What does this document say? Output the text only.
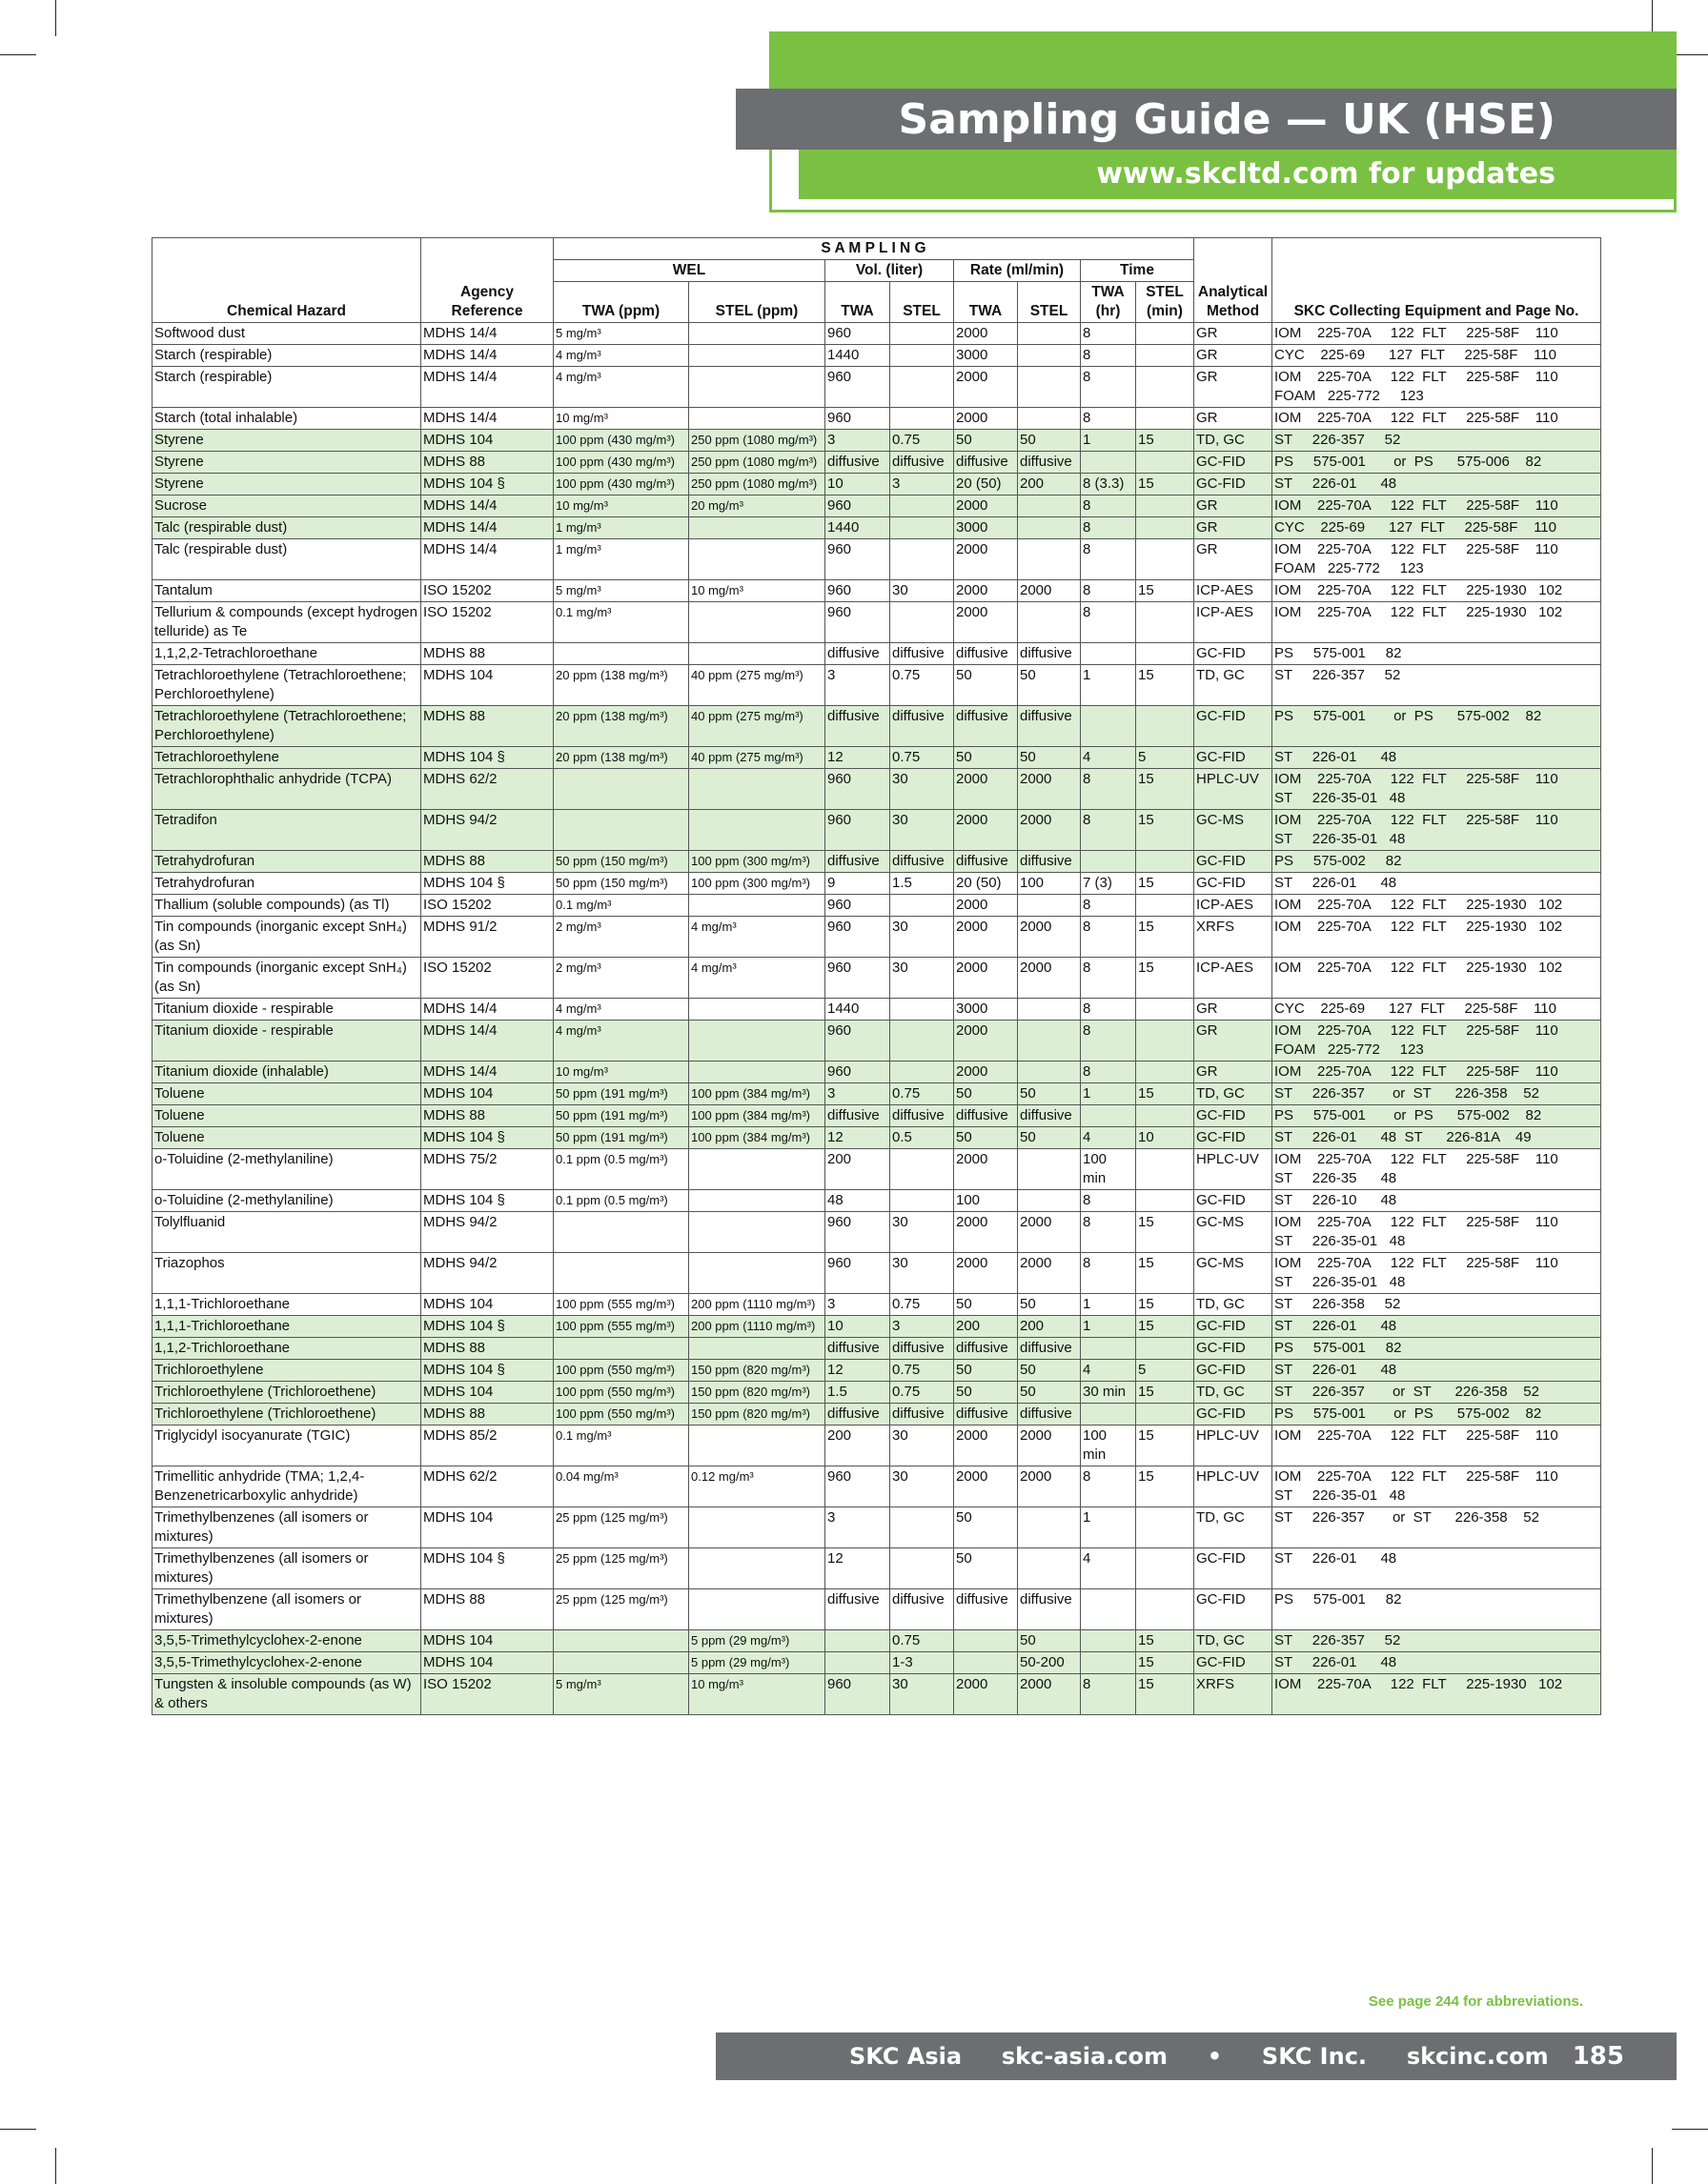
Sampling Guide — UK (HSE)
www.skcltd.com for updates
Chemical Hazard	Agency Reference	S A M P L I N G								Analytical Method	SKC Collecting Equipment and Page No.
		WEL		Vol. (liter)		Rate (ml/min)		Time			
		TWA (ppm)	STEL (ppm)	TWA	STEL	TWA	STEL	TWA (hr)	STEL (min)		
Softwood dust	MDHS 14/4	5 mg/m³		960		2000		8		GR	IOM    225-70A     122  FLT     225-58F    110
Starch (respirable)	MDHS 14/4	4 mg/m³		1440		3000		8		GR	CYC    225-69      127  FLT     225-58F    110
Starch (respirable)	MDHS 14/4	4 mg/m³		960		2000		8		GR	IOM    225-70A     122  FLT     225-58F    110
FOAM   225-772     123
Starch (total inhalable)	MDHS 14/4	10 mg/m³		960		2000		8		GR	IOM    225-70A     122  FLT     225-58F    110
Styrene	MDHS 104	100 ppm (430 mg/m³)	250 ppm (1080 mg/m³)	3	0.75	50	50	1	15	TD, GC	ST     226-357     52
Styrene	MDHS 88	100 ppm (430 mg/m³)	250 ppm (1080 mg/m³)	diffusive	diffusive	diffusive	diffusive			GC-FID	PS     575-001       or  PS      575-006    82
Styrene	MDHS 104 §	100 ppm (430 mg/m³)	250 ppm (1080 mg/m³)	10	3	20 (50)	200	8 (3.3)	15	GC-FID	ST     226-01      48
Sucrose	MDHS 14/4	10 mg/m³	20 mg/m³	960		2000		8		GR	IOM    225-70A     122  FLT     225-58F    110
Talc (respirable dust)	MDHS 14/4	1 mg/m³		1440		3000		8		GR	CYC    225-69      127  FLT     225-58F    110
Talc (respirable dust)	MDHS 14/4	1 mg/m³		960		2000		8		GR	IOM    225-70A     122  FLT     225-58F    110
FOAM   225-772     123
Tantalum	ISO 15202	5 mg/m³	10 mg/m³	960	30	2000	2000	8	15	ICP-AES	IOM    225-70A     122  FLT     225-1930   102
Tellurium & compounds (except hydrogen telluride) as Te	ISO 15202	0.1 mg/m³		960		2000		8		ICP-AES	IOM    225-70A     122  FLT     225-1930   102
1,1,2,2-Tetrachloroethane	MDHS 88			diffusive	diffusive	diffusive	diffusive			GC-FID	PS     575-001     82
Tetrachloroethylene (Tetrachloroethene; Perchloroethylene)	MDHS 104	20 ppm (138 mg/m³)	40 ppm (275 mg/m³)	3	0.75	50	50	1	15	TD, GC	ST     226-357     52
Tetrachloroethylene (Tetrachloroethene; Perchloroethylene)	MDHS 88	20 ppm (138 mg/m³)	40 ppm (275 mg/m³)	diffusive	diffusive	diffusive	diffusive			GC-FID	PS     575-001       or  PS      575-002    82
Tetrachloroethylene	MDHS 104 §	20 ppm (138 mg/m³)	40 ppm (275 mg/m³)	12	0.75	50	50	4	5	GC-FID	ST     226-01      48
Tetrachlorophthalic anhydride (TCPA)	MDHS 62/2			960	30	2000	2000	8	15	HPLC-UV	IOM    225-70A     122  FLT     225-58F    110
ST     226-35-01   48
Tetradifon	MDHS 94/2			960	30	2000	2000	8	15	GC-MS	IOM    225-70A     122  FLT     225-58F    110
ST     226-35-01   48
Tetrahydrofuran	MDHS 88	50 ppm (150 mg/m³)	100 ppm (300 mg/m³)	diffusive	diffusive	diffusive	diffusive			GC-FID	PS     575-002     82
Tetrahydrofuran	MDHS 104 §	50 ppm (150 mg/m³)	100 ppm (300 mg/m³)	9	1.5	20 (50)	100	7 (3)	15	GC-FID	ST     226-01      48
Thallium (soluble compounds) (as Tl)	ISO 15202	0.1 mg/m³		960		2000		8		ICP-AES	IOM    225-70A     122  FLT     225-1930   102
Tin compounds (inorganic except SnH₄) (as Sn)	MDHS 91/2	2 mg/m³	4 mg/m³	960	30	2000	2000	8	15	XRFS	IOM    225-70A     122  FLT     225-1930   102
Tin compounds (inorganic except SnH₄) (as Sn)	ISO 15202	2 mg/m³	4 mg/m³	960	30	2000	2000	8	15	ICP-AES	IOM    225-70A     122  FLT     225-1930   102
Titanium dioxide - respirable	MDHS 14/4	4 mg/m³		1440		3000		8		GR	CYC    225-69      127  FLT     225-58F    110
Titanium dioxide - respirable	MDHS 14/4	4 mg/m³		960		2000		8		GR	IOM    225-70A     122  FLT     225-58F    110
FOAM   225-772     123
Titanium dioxide (inhalable)	MDHS 14/4	10 mg/m³		960		2000		8		GR	IOM    225-70A     122  FLT     225-58F    110
Toluene	MDHS 104	50 ppm (191 mg/m³)	100 ppm (384 mg/m³)	3	0.75	50	50	1	15	TD, GC	ST     226-357       or  ST      226-358    52
Toluene	MDHS 88	50 ppm (191 mg/m³)	100 ppm (384 mg/m³)	diffusive	diffusive	diffusive	diffusive			GC-FID	PS     575-001       or  PS      575-002    82
Toluene	MDHS 104 §	50 ppm (191 mg/m³)	100 ppm (384 mg/m³)	12	0.5	50	50	4	10	GC-FID	ST     226-01      48  ST      226-81A    49
o-Toluidine (2-methylaniline)	MDHS 75/2	0.1 ppm (0.5 mg/m³)		200		2000		100 min		HPLC-UV	IOM    225-70A     122  FLT     225-58F    110
ST     226-35      48
o-Toluidine (2-methylaniline)	MDHS 104 §	0.1 ppm (0.5 mg/m³)		48		100		8		GC-FID	ST     226-10      48
Tolylfluanid	MDHS 94/2			960	30	2000	2000	8	15	GC-MS	IOM    225-70A     122  FLT     225-58F    110
ST     226-35-01   48
Triazophos	MDHS 94/2			960	30	2000	2000	8	15	GC-MS	IOM    225-70A     122  FLT     225-58F    110
ST     226-35-01   48
1,1,1-Trichloroethane	MDHS 104	100 ppm (555 mg/m³)	200 ppm (1110 mg/m³)	3	0.75	50	50	1	15	TD, GC	ST     226-358     52
1,1,1-Trichloroethane	MDHS 104 §	100 ppm (555 mg/m³)	200 ppm (1110 mg/m³)	10	3	200	200	1	15	GC-FID	ST     226-01      48
1,1,2-Trichloroethane	MDHS 88			diffusive	diffusive	diffusive	diffusive			GC-FID	PS     575-001     82
Trichloroethylene	MDHS 104 §	100 ppm (550 mg/m³)	150 ppm (820 mg/m³)	12	0.75	50	50	4	5	GC-FID	ST     226-01      48
Trichloroethylene (Trichloroethene)	MDHS 104	100 ppm (550 mg/m³)	150 ppm (820 mg/m³)	1.5	0.75	50	50	30 min	15	TD, GC	ST     226-357       or  ST      226-358    52
Trichloroethylene (Trichloroethene)	MDHS 88	100 ppm (550 mg/m³)	150 ppm (820 mg/m³)	diffusive	diffusive	diffusive	diffusive			GC-FID	PS     575-001       or  PS      575-002    82
Triglycidyl isocyanurate (TGIC)	MDHS 85/2	0.1 mg/m³		200	30	2000	2000	100 min	15	HPLC-UV	IOM    225-70A     122  FLT     225-58F    110
Trimellitic anhydride (TMA; 1,2,4-Benzenetricarboxylic anhydride)	MDHS 62/2	0.04 mg/m³	0.12 mg/m³	960	30	2000	2000	8	15	HPLC-UV	IOM    225-70A     122  FLT     225-58F    110
ST     226-35-01   48
Trimethylbenzenes (all isomers or mixtures)	MDHS 104	25 ppm (125 mg/m³)		3		50		1		TD, GC	ST     226-357       or  ST      226-358    52
Trimethylbenzenes (all isomers or mixtures)	MDHS 104 §	25 ppm (125 mg/m³)		12		50		4		GC-FID	ST     226-01      48
Trimethylbenzene (all isomers or mixtures)	MDHS 88	25 ppm (125 mg/m³)		diffusive	diffusive	diffusive	diffusive			GC-FID	PS     575-001     82
3,5,5-Trimethylcyclohex-2-enone	MDHS 104		5 ppm (29 mg/m³)		0.75		50		15	TD, GC	ST     226-357     52
3,5,5-Trimethylcyclohex-2-enone	MDHS 104		5 ppm (29 mg/m³)		1-3		50-200		15	GC-FID	ST     226-01      48
Tungsten & insoluble compounds (as W) & others	ISO 15202	5 mg/m³	10 mg/m³	960	30	2000	2000	8	15	XRFS	IOM    225-70A     122  FLT     225-1930   102
See page 244 for abbreviations.
SKC Asia     skc-asia.com     •     SKC Inc.     skcinc.com 185
